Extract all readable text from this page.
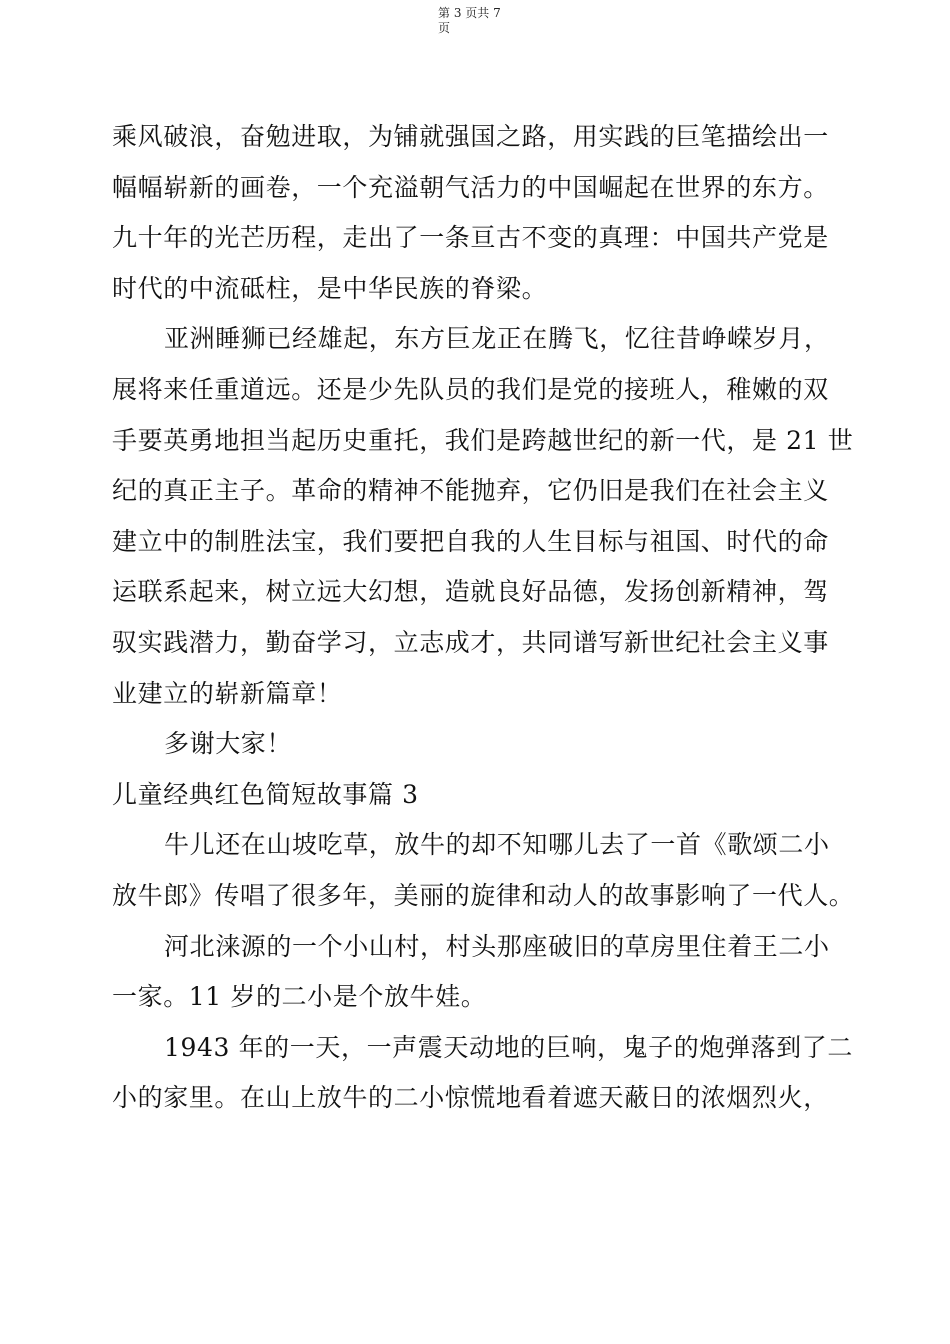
第 3 页共 7
页
乘风破浪，奋勉进取，为铺就强国之路，用实践的巨笔描绘出一
幅幅崭新的画卷，一个充溢朝气活力的中国崛起在世界的东方。
九十年的光芒历程，走出了一条亘古不变的真理：中国共产党是
时代的中流砥柱，是中华民族的脊梁。
亚洲睡狮已经雄起，东方巨龙正在腾飞，忆往昔峥嵘岁月，
展将来任重道远。还是少先队员的我们是党的接班人，稚嫩的双
手要英勇地担当起历史重托，我们是跨越世纪的新一代，是 21 世
纪的真正主子。革命的精神不能抛弃，它仍旧是我们在社会主义
建立中的制胜法宝，我们要把自我的人生目标与祖国、时代的命
运联系起来，树立远大幻想，造就良好品德，发扬创新精神，驾
驭实践潜力，勤奋学习，立志成才，共同谱写新世纪社会主义事
业建立的崭新篇章！
多谢大家！
儿童经典红色简短故事篇 3
牛儿还在山坡吃草，放牛的却不知哪儿去了一首《歌颂二小
放牛郎》传唱了很多年，美丽的旋律和动人的故事影响了一代人。
河北涞源的一个小山村，村头那座破旧的草房里住着王二小
一家。11 岁的二小是个放牛娃。
1943 年的一天，一声震天动地的巨响，鬼子的炮弹落到了二
小的家里。在山上放牛的二小惊慌地看着遮天蔽日的浓烟烈火，
